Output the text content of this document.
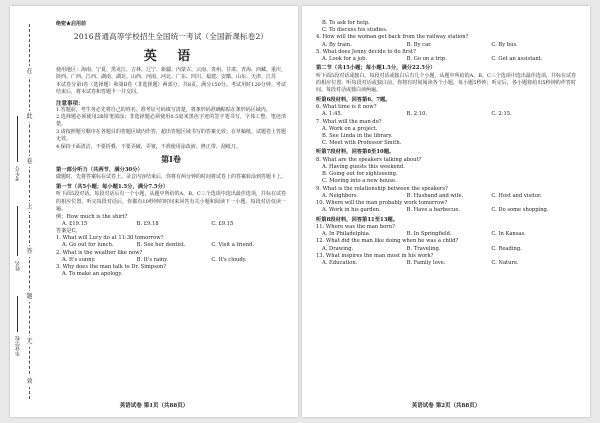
在
此
卷
上
答
题
无
效
毕业学校
姓名
考生号
绝密★启用前
2016普通高等学校招生全国统一考试（全国新课标卷2）
英 语
使用地区：海南、宁夏、黑龙江、吉林、辽宁、新疆、内蒙古、云南、贵州、甘肃、青海、西藏、重庆、陕西、广西、江西、湖南、湖北、山西、河南、河北、广东、四川、福建、安徽、山东、天津、江苏
本试卷分第Ⅰ卷（选择题）和第Ⅱ卷（非选择题）两部分，共8页。满分150分。考试用时120分钟。考试结束后，将本试卷和答题卡一并交回。
注意事项：
1.答题前，考生务必先将自己的姓名、准考证号码填写清楚，将条形码准确粘贴在条形码区域内。
2.选择题必须使用2B铅笔填涂；非选择题必须使用0.5毫米黑色字迹的签字笔书写，字体工整、笔迹清楚。
3.请按照题号顺序在各题目的答题区域内作答，超出答题区域书写的答案无效；在草稿纸、试题卷上答题无效。
4.保持卡面清洁，不要折叠、不要弄破、弄皱，不准使用涂改液、修正带、刮纸刀。
第Ⅰ卷
第一部分听力（共两节，满分30分）
做题时，先将答案标在试卷上。录音内容结束后，你将有两分钟的时间将试卷上的答案转涂到答题卡上。
第一节（共5小题；每小题1.5分，满分7.5分）
听下面5段对话。每段对话后有一个小题，从题中所给的A、B、C三个选项中选出最佳选项，并标在试卷的相应位置。听完每段对话后，你都有10秒钟的时间来回答有关小题和阅读下一小题。每段对话仅读一遍。
例：How much is the shirt?
A. £19.15	B. £9.18	C. £9.15
答案是C。
1. What will Lucy do at 11:30 tomorrow?
A. Go out for lunch.	B. See her dentist.	C. Visit a friend.
2. What is the weather like now?
A. It's sunny.	B. It's rainy.	C. It's cloudy.
3. Why does the man talk to Dr. Simpson?
A. To make an apology.
英语试卷 第1页（共88页）
B. To ask for help.
C. To discuss his studies.
4. How will the woman get back from the railway station?
A. By train.	B. By car.	C. By bus.
5. What does Jenny decide to do first?
A. Look for a job.	B. Go on a trip.	C. Get an assistant.
第二节（共15小题；每小题1.5分，满分22.5分）
听下面5段对话或独白。每段对话或独白后有几个小题，从题中所给的A、B、C三个选项中选出最佳选项，并标在试卷的相应位置。听每段对话或独白前，你将有时间阅读各个小题，每小题5秒钟；听完后，各小题将给出5秒钟的作答时间。每段对话或独白读两遍。
听第6段材料，回答第6、7题。
6. What time is it now?
A. 1:45.	B. 2:10.	C. 2:15.
7. What will the man do?
A. Work on a project.
B. See Linda in the library.
C. Meet with Professor Smith.
听第7段材料，回答第8至10题。
8. What are the speakers talking about?
A. Having guests this weekend.
B. Going out for sightseeing.
C. Moving into a new house.
9. What is the relationship between the speakers?
A. Neighbors.	B. Husband and wife.	C. Host and visitor.
10. Where will the man probably work tomorrow?
A. Work in his garden.	B. Have a barbecue.	C. Do some shopping.
听第8段材料，回答第11至13题。
11. Where was the man born?
A. In Philadelphia.	B. In Springfield.	C. In Kansas.
12. What did the man like doing when he was a child?
A. Drawing.	B. Traveling.	C. Reading.
13. What inspires the man most in his work?
A. Education.	B. Family love.	C. Nature.
英语试卷 第2页（共88页）
